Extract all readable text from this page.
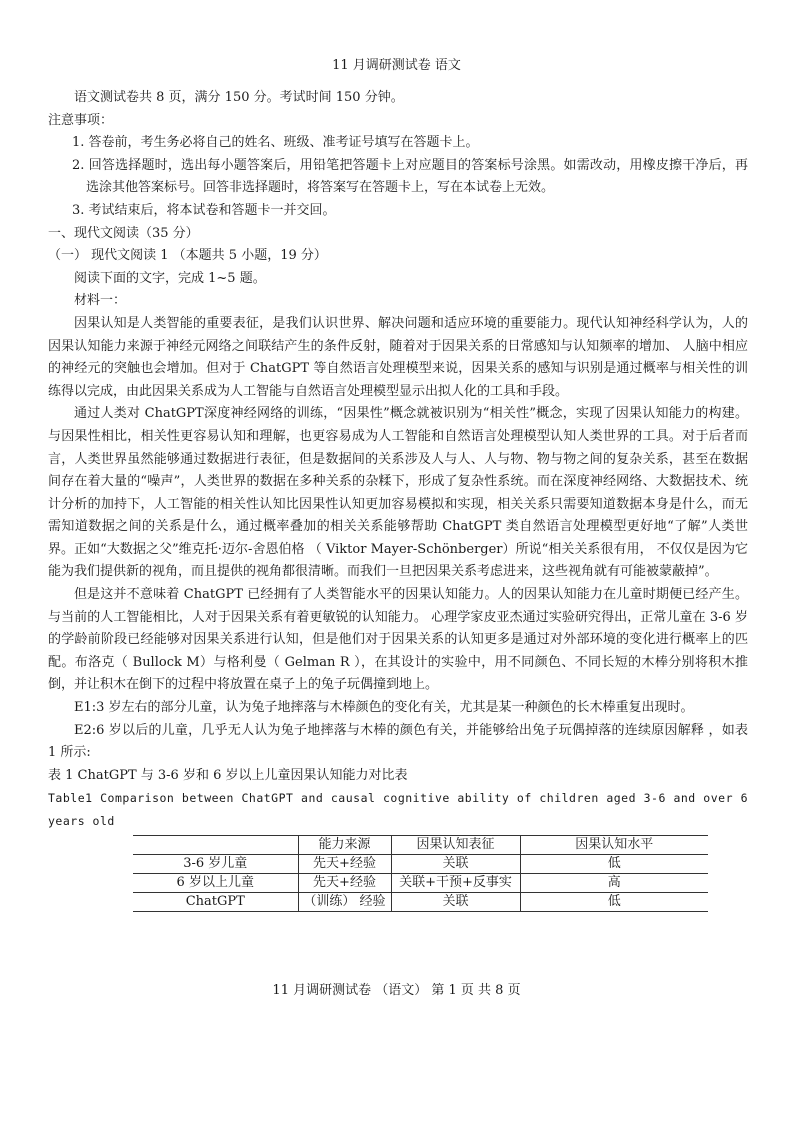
11 月调研测试卷 语文

语文测试卷共 8 页，满分 150 分。考试时间 150 分钟。

注意事项：

1. 答卷前，考生务必将自己的姓名、班级、准考证号填写在答题卡上。

2. 回答选择题时，选出每小题答案后，用铅笔把答题卡上对应题目的答案标号涂黑。如需改动，用橡皮擦干净后，再选涂其他答案标号。回答非选择题时，将答案写在答题卡上，写在本试卷上无效。

3. 考试结束后，将本试卷和答题卡一并交回。

一、现代文阅读（35 分）

（一） 现代文阅读 1 （本题共 5 小题，19 分）

阅读下面的文字，完成 1~5 题。

材料一：

因果认知是人类智能的重要表征，是我们认识世界、解决问题和适应环境的重要能力。现代认知神经科学认为，人的因果认知能力来源于神经元网络之间联结产生的条件反射，随着对于因果关系的日常感知与认知频率的增加、 人脑中相应的神经元的突触也会增加。但对于 ChatGPT 等自然语言处理模型来说，因果关系的感知与识别是通过概率与相关性的训练得以完成，由此因果关系成为人工智能与自然语言处理模型显示出拟人化的工具和手段。

通过人类对 ChatGPT深度神经网络的训练，“因果性”概念就被识别为“相关性”概念，实现了因果认知能力的构建。与因果性相比，相关性更容易认知和理解，也更容易成为人工智能和自然语言处理模型认知人类世界的工具。对于后者而言，人类世界虽然能够通过数据进行表征，但是数据间的关系涉及人与人、人与物、物与物之间的复杂关系，甚至在数据间存在着大量的“噪声”，人类世界的数据在多种关系的杂糅下，形成了复杂性系统。而在深度神经网络、大数据技术、统计分析的加持下，人工智能的相关性认知比因果性认知更加容易模拟和实现，相关关系只需要知道数据本身是什么，而无需知道数据之间的关系是什么，通过概率叠加的相关关系能够帮助 ChatGPT 类自然语言处理模型更好地“了解”人类世界。正如“大数据之父”维克托·迈尔-舍恩伯格 （ Viktor Mayer-Schönberger）所说“相关关系很有用， 不仅仅是因为它能为我们提供新的视角，而且提供的视角都很清晰。而我们一旦把因果关系考虑进来，这些视角就有可能被蒙蔽掉”。

但是这并不意味着 ChatGPT 已经拥有了人类智能水平的因果认知能力。人的因果认知能力在儿童时期便已经产生。与当前的人工智能相比，人对于因果关系有着更敏锐的认知能力。 心理学家皮亚杰通过实验研究得出，正常儿童在 3-6 岁的学龄前阶段已经能够对因果关系进行认知，但是他们对于因果关系的认知更多是通过对外部环境的变化进行概率上的匹配。布洛克（ Bullock M）与格利曼（ Gelman R ），在其设计的实验中，用不同颜色、不同长短的木棒分别将积木推倒，并让积木在倒下的过程中将放置在桌子上的兔子玩偶撞到地上。

E1:3 岁左右的部分儿童，认为兔子地摔落与木棒颜色的变化有关，尤其是某一种颜色的长木棒重复出现时。

E2:6 岁以后的儿童，几乎无人认为兔子地摔落与木棒的颜色有关，并能够给出兔子玩偶掉落的连续原因解释 ，如表 1 所示:

表 1 ChatGPT 与 3-6 岁和 6 岁以上儿童因果认知能力对比表

Table1 Comparison between ChatGPT and causal cognitive ability of children aged 3-6 and over 6 years old

	能力来源	因果认知表征	因果认知水平
3-6 岁儿童	先天+经验	关联	低
6 岁以上儿童	先天+经验	关联+干预+反事实	高
ChatGPT	（训练） 经验	关联	低
11 月调研测试卷 （语文） 第 1 页 共 8 页
